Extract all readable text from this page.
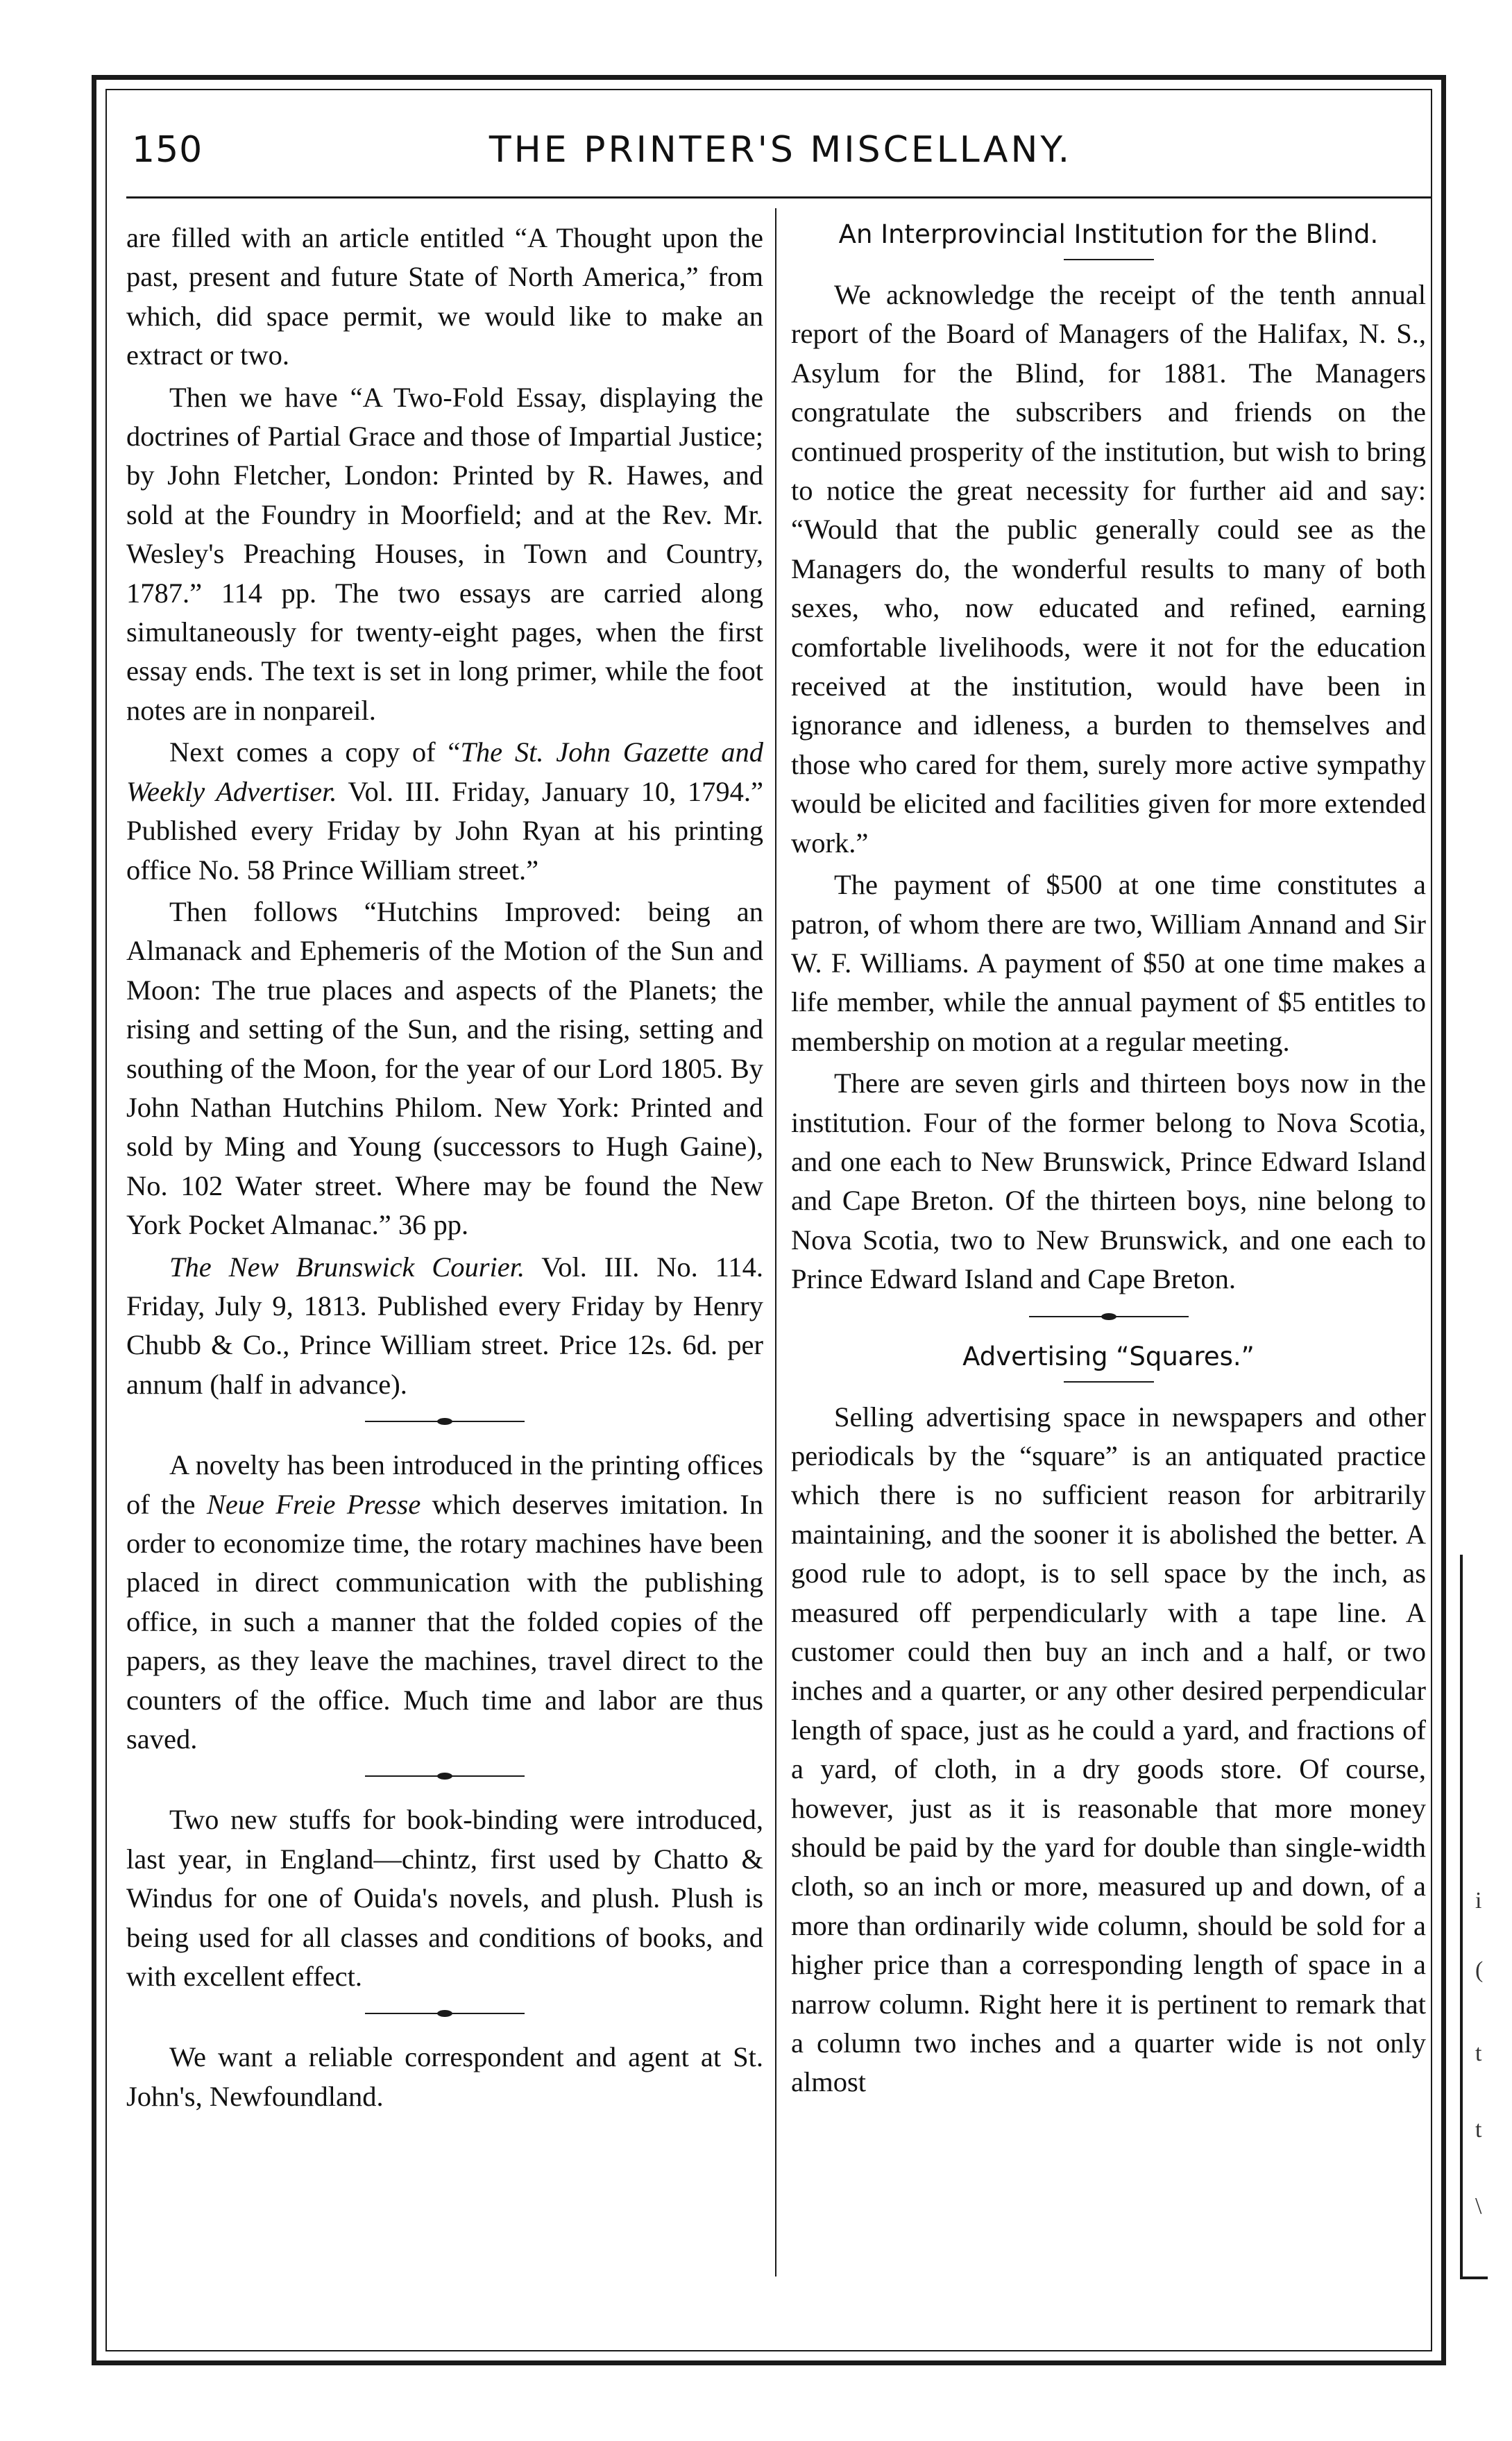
150	THE PRINTER'S MISCELLANY.

are filled with an article entitled “A Thought upon the past, present and future State of North America,” from which, did space permit, we would like to make an extract or two.

Then we have “A Two-Fold Essay, displaying the doctrines of Partial Grace and those of Impartial Justice; by John Fletcher, London: Printed by R. Hawes, and sold at the Foundry in Moorfield; and at the Rev. Mr. Wesley's Preaching Houses, in Town and Country, 1787.” 114 pp. The two essays are carried along simultaneously for twenty-eight pages, when the first essay ends. The text is set in long primer, while the foot notes are in nonpareil.

Next comes a copy of “The St. John Gazette and Weekly Advertiser. Vol. III. Friday, January 10, 1794.” Published every Friday by John Ryan at his printing office No. 58 Prince William street.”

Then follows “Hutchins Improved: being an Almanack and Ephemeris of the Motion of the Sun and Moon: The true places and aspects of the Planets; the rising and setting of the Sun, and the rising, setting and southing of the Moon, for the year of our Lord 1805. By John Nathan Hutchins Philom. New York: Printed and sold by Ming and Young (successors to Hugh Gaine), No. 102 Water street. Where may be found the New York Pocket Almanac.” 36 pp.

The New Brunswick Courier. Vol. III. No. 114. Friday, July 9, 1813. Published every Friday by Henry Chubb & Co., Prince William street. Price 12s. 6d. per annum (half in advance).

A novelty has been introduced in the printing offices of the Neue Freie Presse which deserves imitation. In order to economize time, the rotary machines have been placed in direct communication with the publishing office, in such a manner that the folded copies of the papers, as they leave the machines, travel direct to the counters of the office. Much time and labor are thus saved.

Two new stuffs for book-binding were introduced, last year, in England—chintz, first used by Chatto & Windus for one of Ouida's novels, and plush. Plush is being used for all classes and conditions of books, and with excellent effect.

We want a reliable correspondent and agent at St. John's, Newfoundland.

An Interprovincial Institution for the Blind.

We acknowledge the receipt of the tenth annual report of the Board of Managers of the Halifax, N. S., Asylum for the Blind, for 1881. The Managers congratulate the subscribers and friends on the continued prosperity of the institution, but wish to bring to notice the great necessity for further aid and say: “Would that the public generally could see as the Managers do, the wonderful results to many of both sexes, who, now educated and refined, earning comfortable livelihoods, were it not for the education received at the institution, would have been in ignorance and idleness, a burden to themselves and those who cared for them, surely more active sympathy would be elicited and facilities given for more extended work.”

The payment of $500 at one time constitutes a patron, of whom there are two, William Annand and Sir W. F. Williams. A payment of $50 at one time makes a life member, while the annual payment of $5 entitles to membership on motion at a regular meeting.

There are seven girls and thirteen boys now in the institution. Four of the former belong to Nova Scotia, and one each to New Brunswick, Prince Edward Island and Cape Breton. Of the thirteen boys, nine belong to Nova Scotia, two to New Brunswick, and one each to Prince Edward Island and Cape Breton.

Advertising “Squares.”

Selling advertising space in newspapers and other periodicals by the “square” is an antiquated practice which there is no sufficient reason for arbitrarily maintaining, and the sooner it is abolished the better. A good rule to adopt, is to sell space by the inch, as measured off perpendicularly with a tape line. A customer could then buy an inch and a half, or two inches and a quarter, or any other desired perpendicular length of space, just as he could a yard, and fractions of a yard, of cloth, in a dry goods store. Of course, however, just as it is reasonable that more money should be paid by the yard for double than single-width cloth, so an inch or more, measured up and down, of a more than ordinarily wide column, should be sold for a higher price than a corresponding length of space in a narrow column. Right here it is pertinent to remark that a column two inches and a quarter wide is not only almost

i
(
t
t
\
